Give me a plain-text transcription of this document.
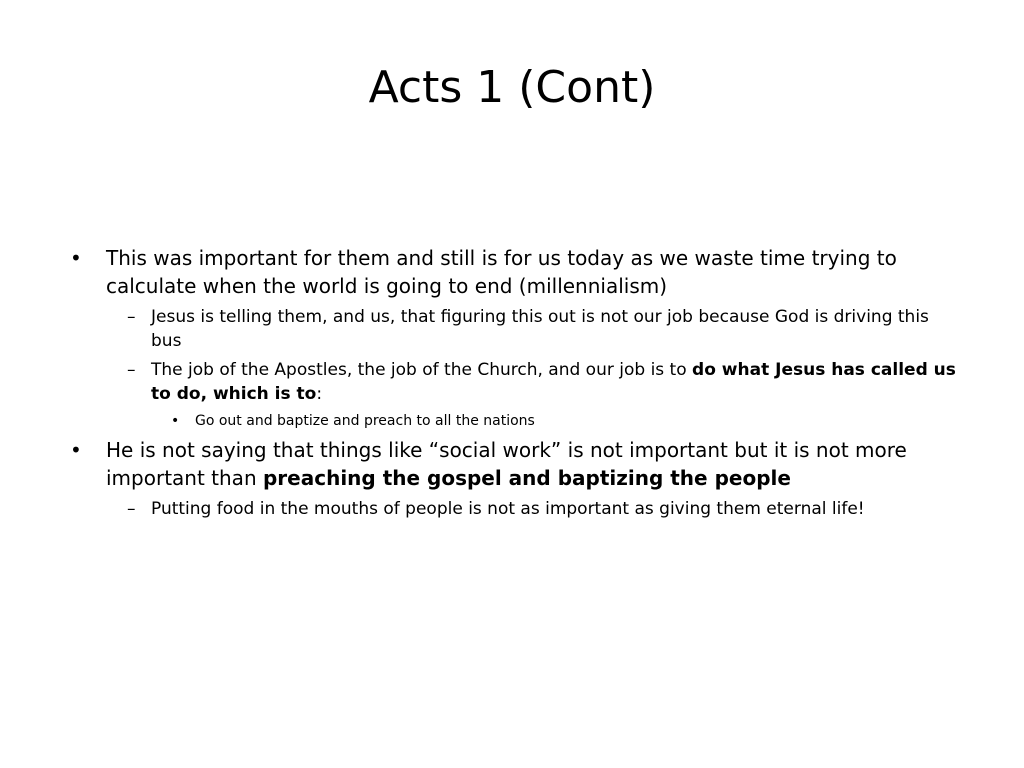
Acts 1 (Cont)

• This was important for them and still is for us today as we waste time trying to calculate when the world is going to end (millennialism)

– Jesus is telling them, and us, that figuring this out is not our job because God is driving this bus

– The job of the Apostles, the job of the Church, and our job is to do what Jesus has called us to do, which is to:

• Go out and baptize and preach to all the nations

• He is not saying that things like “social work” is not important but it is not more important than preaching the gospel and baptizing the people

– Putting food in the mouths of people is not as important as giving them eternal life!
